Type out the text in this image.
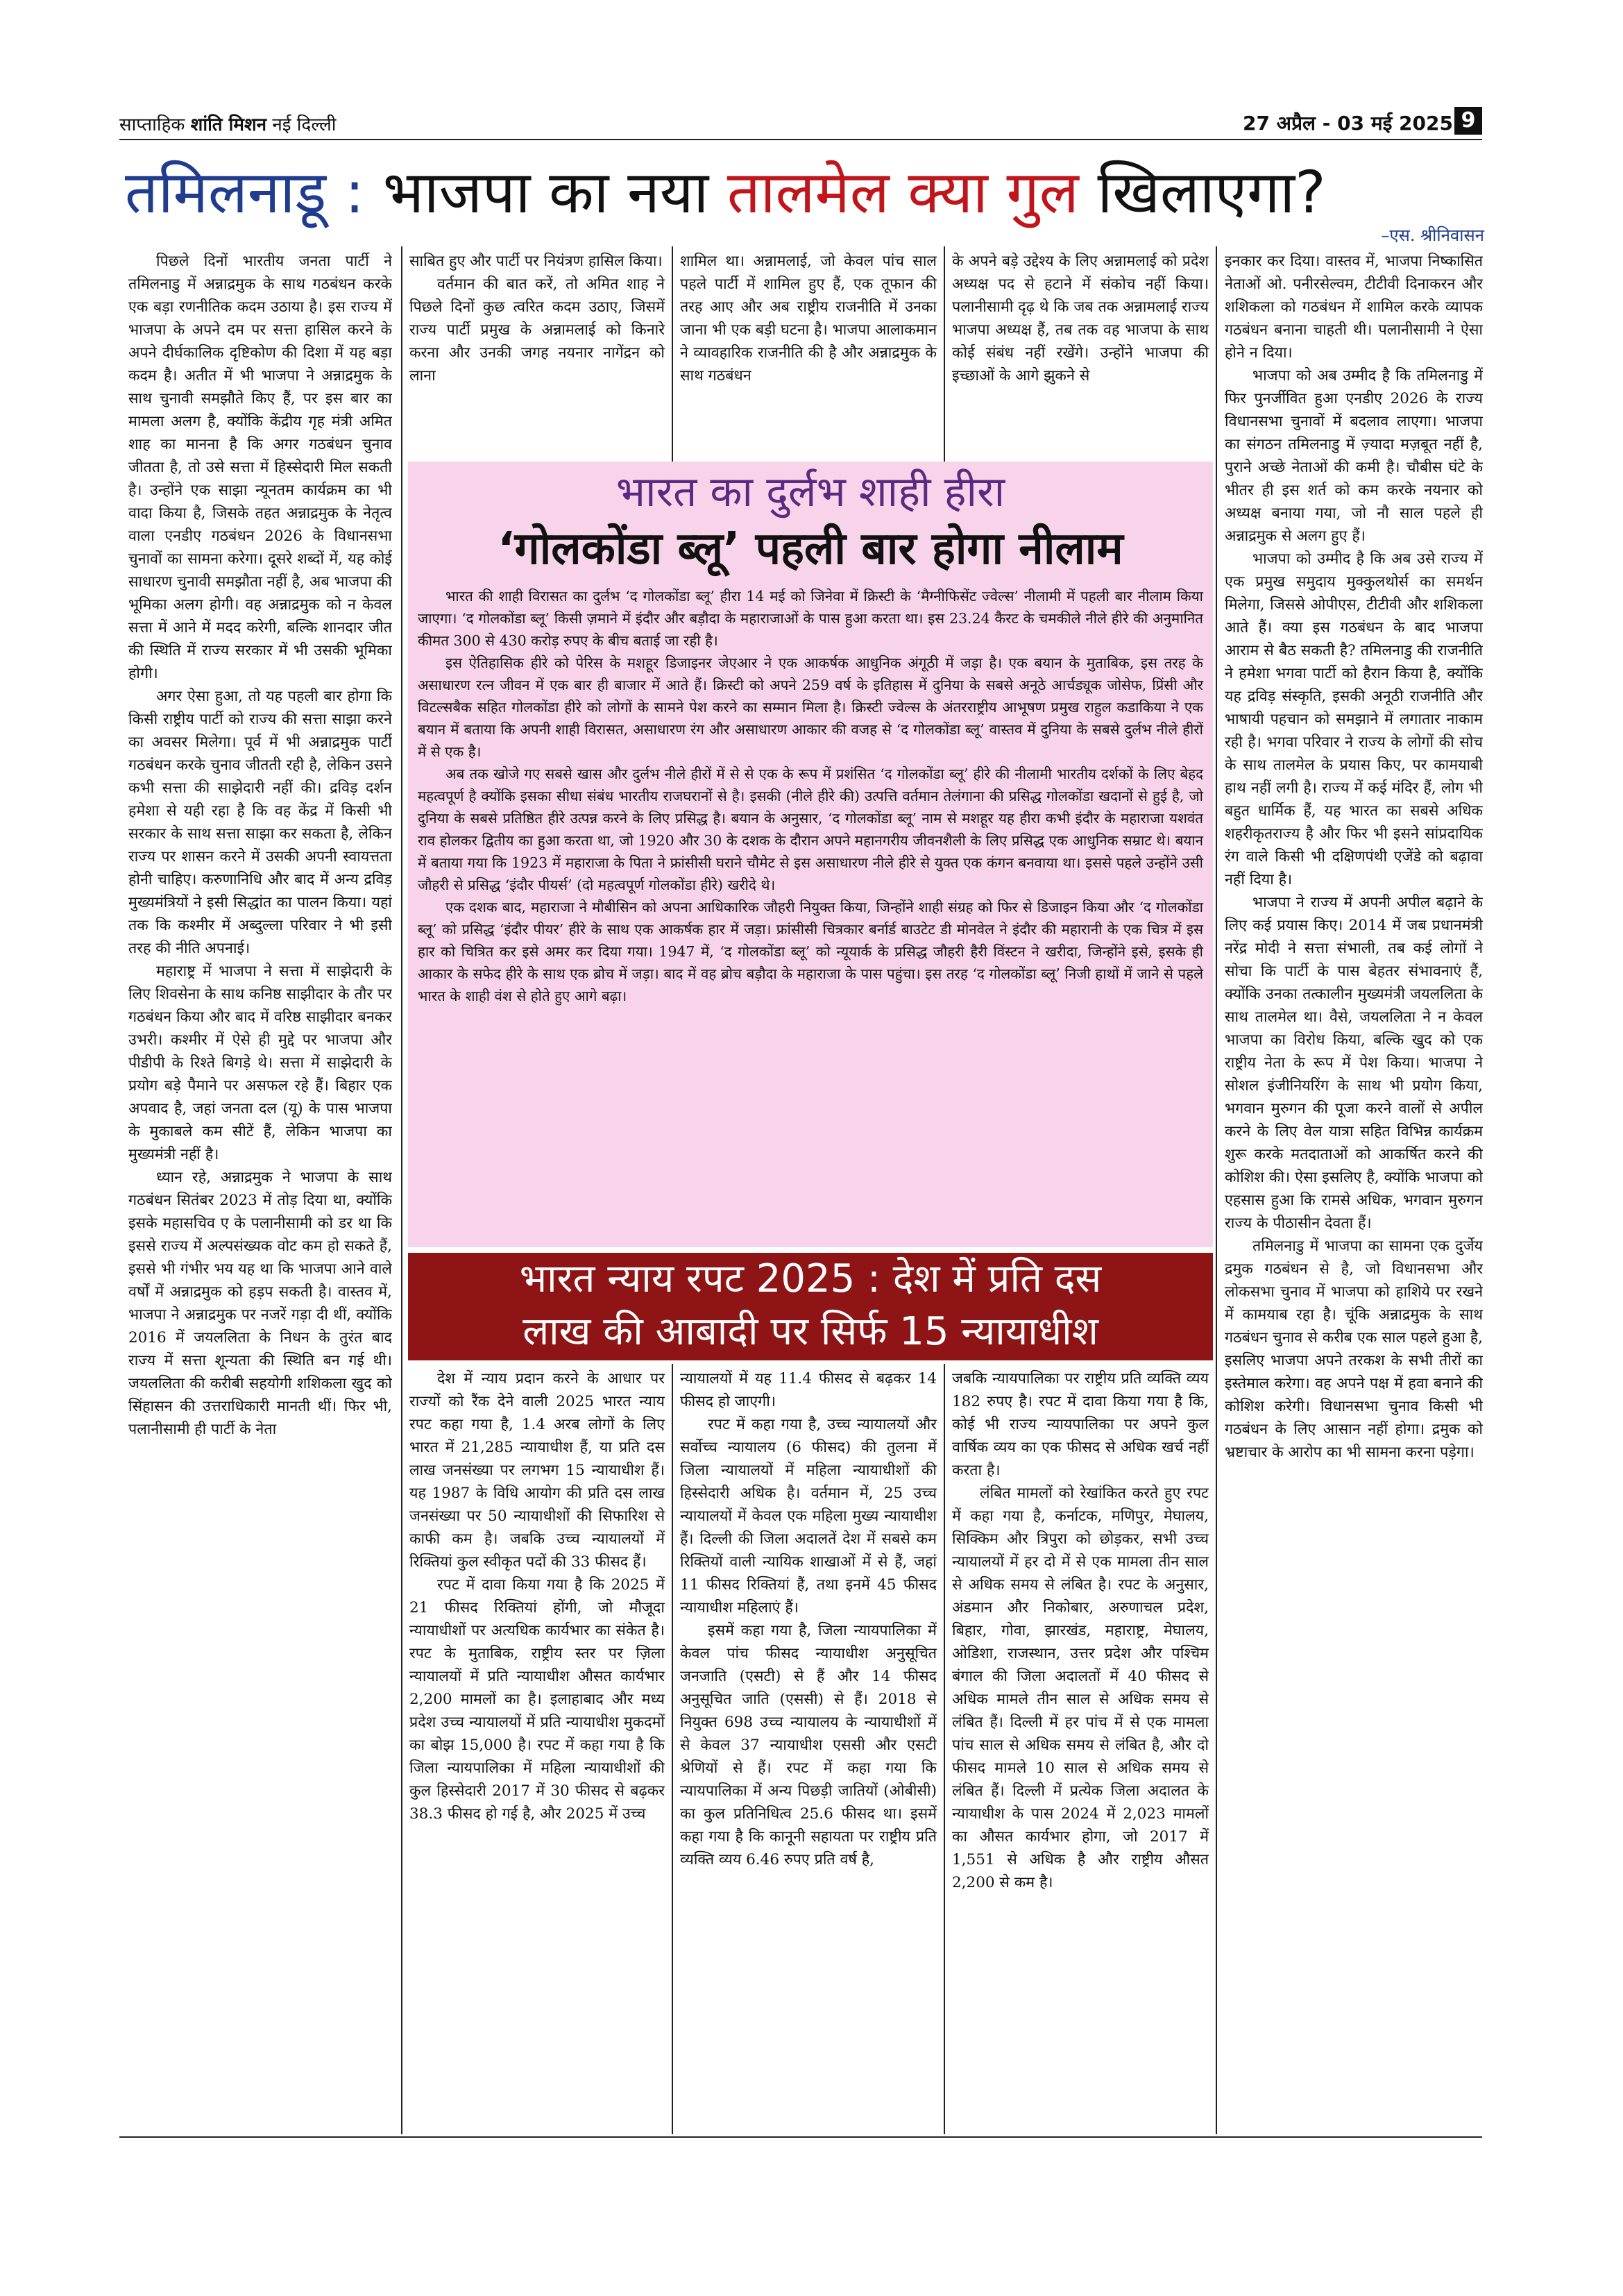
साप्ताहिक शांति मिशन नई दिल्ली	27 अप्रैल - 03 मई 2025 9
तमिलनाडू : भाजपा का नया तालमेल क्या गुल खिलाएगा?
–एस. श्रीनिवासन

पिछले दिनों भारतीय जनता पार्टी ने तमिलनाडु में अन्नाद्रमुक के साथ गठबंधन करके एक बड़ा रणनीतिक कदम उठाया है। इस राज्य में भाजपा के अपने दम पर सत्ता हासिल करने के अपने दीर्घकालिक दृष्टिकोण की दिशा में यह बड़ा कदम है। अतीत में भी भाजपा ने अन्नाद्रमुक के साथ चुनावी समझौते किए हैं, पर इस बार का मामला अलग है, क्योंकि केंद्रीय गृह मंत्री अमित शाह का मानना है कि अगर गठबंधन चुनाव जीतता है, तो उसे सत्ता में हिस्सेदारी मिल सकती है। उन्होंने एक साझा न्यूनतम कार्यक्रम का भी वादा किया है, जिसके तहत अन्नाद्रमुक के नेतृत्व वाला एनडीए गठबंधन 2026 के विधानसभा चुनावों का सामना करेगा। दूसरे शब्दों में, यह कोई साधारण चुनावी समझौता नहीं है, अब भाजपा की भूमिका अलग होगी। वह अन्नाद्रमुक को न केवल सत्ता में आने में मदद करेगी, बल्कि शानदार जीत की स्थिति में राज्य सरकार में भी उसकी भूमिका होगी।

अगर ऐसा हुआ, तो यह पहली बार होगा कि किसी राष्ट्रीय पार्टी को राज्य की सत्ता साझा करने का अवसर मिलेगा। पूर्व में भी अन्नाद्रमुक पार्टी गठबंधन करके चुनाव जीतती रही है, लेकिन उसने कभी सत्ता की साझेदारी नहीं की। द्रविड़ दर्शन हमेशा से यही रहा है कि वह केंद्र में किसी भी सरकार के साथ सत्ता साझा कर सकता है, लेकिन राज्य पर शासन करने में उसकी अपनी स्वायत्तता होनी चाहिए। करुणानिधि और बाद में अन्य द्रविड़ मुख्यमंत्रियों ने इसी सिद्धांत का पालन किया। यहां तक कि कश्मीर में अब्दुल्ला परिवार ने भी इसी तरह की नीति अपनाई।

महाराष्ट्र में भाजपा ने सत्ता में साझेदारी के लिए शिवसेना के साथ कनिष्ठ साझीदार के तौर पर गठबंधन किया और बाद में वरिष्ठ साझीदार बनकर उभरी। कश्मीर में ऐसे ही मुद्दे पर भाजपा और पीडीपी के रिश्ते बिगड़े थे। सत्ता में साझेदारी के प्रयोग बड़े पैमाने पर असफल रहे हैं। बिहार एक अपवाद है, जहां जनता दल (यू) के पास भाजपा के मुकाबले कम सीटें हैं, लेकिन भाजपा का मुख्यमंत्री नहीं है।

ध्यान रहे, अन्नाद्रमुक ने भाजपा के साथ गठबंधन सितंबर 2023 में तोड़ दिया था, क्योंकि इसके महासचिव ए के पलानीसामी को डर था कि इससे राज्य में अल्पसंख्यक वोट कम हो सकते हैं, इससे भी गंभीर भय यह था कि भाजपा आने वाले वर्षों में अन्नाद्रमुक को हड़प सकती है। वास्तव में, भाजपा ने अन्नाद्रमुक पर नजरें गड़ा दी थीं, क्योंकि 2016 में जयललिता के निधन के तुरंत बाद राज्य में सत्ता शून्यता की स्थिति बन गई थी। जयललिता की करीबी सहयोगी शशिकला खुद को सिंहासन की उत्तराधिकारी मानती थीं। फिर भी, पलानीसामी ही पार्टी के नेता

साबित हुए और पार्टी पर नियंत्रण हासिल किया।

वर्तमान की बात करें, तो अमित शाह ने पिछले दिनों कुछ त्वरित कदम उठाए, जिसमें राज्य पार्टी प्रमुख के अन्नामलाई को किनारे करना और उनकी जगह नयनार नागेंद्रन को लाना

शामिल था। अन्नामलाई, जो केवल पांच साल पहले पार्टी में शामिल हुए हैं, एक तूफान की तरह आए और अब राष्ट्रीय राजनीति में उनका जाना भी एक बड़ी घटना है। भाजपा आलाकमान ने व्यावहारिक राजनीति की है और अन्नाद्रमुक के साथ गठबंधन

के अपने बड़े उद्देश्य के लिए अन्नामलाई को प्रदेश अध्यक्ष पद से हटाने में संकोच नहीं किया। पलानीसामी दृढ़ थे कि जब तक अन्नामलाई राज्य भाजपा अध्यक्ष हैं, तब तक वह भाजपा के साथ कोई संबंध नहीं रखेंगे। उन्होंने भाजपा की इच्छाओं के आगे झुकने से

इनकार कर दिया। वास्तव में, भाजपा निष्कासित नेताओं ओ. पनीरसेल्वम, टीटीवी दिनाकरन और शशिकला को गठबंधन में शामिल करके व्यापक गठबंधन बनाना चाहती थी। पलानीसामी ने ऐसा होने न दिया।

भाजपा को अब उम्मीद है कि तमिलनाडु में फिर पुनर्जीवित हुआ एनडीए 2026 के राज्य विधानसभा चुनावों में बदलाव लाएगा। भाजपा का संगठन तमिलनाडु में ज़्यादा मज़बूत नहीं है, पुराने अच्छे नेताओं की कमी है। चौबीस घंटे के भीतर ही इस शर्त को कम करके नयनार को अध्यक्ष बनाया गया, जो नौ साल पहले ही अन्नाद्रमुक से अलग हुए हैं।

भाजपा को उम्मीद है कि अब उसे राज्य में एक प्रमुख समुदाय मुक्कुलथोर्स का समर्थन मिलेगा, जिससे ओपीएस, टीटीवी और शशिकला आते हैं। क्या इस गठबंधन के बाद भाजपा आराम से बैठ सकती है? तमिलनाडु की राजनीति ने हमेशा भगवा पार्टी को हैरान किया है, क्योंकि यह द्रविड़ संस्कृति, इसकी अनूठी राजनीति और भाषायी पहचान को समझाने में लगातार नाकाम रही है। भगवा परिवार ने राज्य के लोगों की सोच के साथ तालमेल के प्रयास किए, पर कामयाबी हाथ नहीं लगी है। राज्य में कई मंदिर हैं, लोग भी बहुत धार्मिक हैं, यह भारत का सबसे अधिक शहरीकृतराज्य है और फिर भी इसने सांप्रदायिक रंग वाले किसी भी दक्षिणपंथी एजेंडे को बढ़ावा नहीं दिया है।

भाजपा ने राज्य में अपनी अपील बढ़ाने के लिए कई प्रयास किए। 2014 में जब प्रधानमंत्री नरेंद्र मोदी ने सत्ता संभाली, तब कई लोगों ने सोचा कि पार्टी के पास बेहतर संभावनाएं हैं, क्योंकि उनका तत्कालीन मुख्यमंत्री जयललिता के साथ तालमेल था। वैसे, जयललिता ने न केवल भाजपा का विरोध किया, बल्कि खुद को एक राष्ट्रीय नेता के रूप में पेश किया। भाजपा ने सोशल इंजीनियरिंग के साथ भी प्रयोग किया, भगवान मुरुगन की पूजा करने वालों से अपील करने के लिए वेल यात्रा सहित विभिन्न कार्यक्रम शुरू करके मतदाताओं को आकर्षित करने की कोशिश की। ऐसा इसलिए है, क्योंकि भाजपा को एहसास हुआ कि रामसे अधिक, भगवान मुरुगन राज्य के पीठासीन देवता हैं।

तमिलनाडु में भाजपा का सामना एक दुर्जेय द्रमुक गठबंधन से है, जो विधानसभा और लोकसभा चुनाव में भाजपा को हाशिये पर रखने में कामयाब रहा है। चूंकि अन्नाद्रमुक के साथ गठबंधन चुनाव से करीब एक साल पहले हुआ है, इसलिए भाजपा अपने तरकश के सभी तीरों का इस्तेमाल करेगा। वह अपने पक्ष में हवा बनाने की कोशिश करेगी। विधानसभा चुनाव किसी भी गठबंधन के लिए आसान नहीं होगा। द्रमुक को भ्रष्टाचार के आरोप का भी सामना करना पड़ेगा।

भारत का दुर्लभ शाही हीरा
‘गोलकोंडा ब्लू’ पहली बार होगा नीलाम

भारत की शाही विरासत का दुर्लभ ‘द गोलकोंडा ब्लू’ हीरा 14 मई को जिनेवा में क्रिस्टी के ‘मैग्नीफिसेंट ज्वेल्स’ नीलामी में पहली बार नीलाम किया जाएगा। ‘द गोलकोंडा ब्लू’ किसी ज़माने में इंदौर और बड़ौदा के महाराजाओं के पास हुआ करता था। इस 23.24 कैरट के चमकीले नीले हीरे की अनुमानित कीमत 300 से 430 करोड़ रुपए के बीच बताई जा रही है।

इस ऐतिहासिक हीरे को पेरिस के मशहूर डिजाइनर जेएआर ने एक आकर्षक आधुनिक अंगूठी में जड़ा है। एक बयान के मुताबिक, इस तरह के असाधारण रत्न जीवन में एक बार ही बाजार में आते हैं। क्रिस्टी को अपने 259 वर्ष के इतिहास में दुनिया के सबसे अनूठे आर्चड्यूक जोसेफ, प्रिंसी और विटल्सबैक सहित गोलकोंडा हीरे को लोगों के सामने पेश करने का सम्मान मिला है। क्रिस्टी ज्वेल्स के अंतरराष्ट्रीय आभूषण प्रमुख राहुल कडाकिया ने एक बयान में बताया कि अपनी शाही विरासत, असाधारण रंग और असाधारण आकार की वजह से ‘द गोलकोंडा ब्लू’ वास्तव में दुनिया के सबसे दुर्लभ नीले हीरों में से एक है।

अब तक खोजे गए सबसे खास और दुर्लभ नीले हीरों में से से एक के रूप में प्रशंसित ‘द गोलकोंडा ब्लू’ हीरे की नीलामी भारतीय दर्शकों के लिए बेहद महत्वपूर्ण है क्योंकि इसका सीधा संबंध भारतीय राजघरानों से है। इसकी (नीले हीरे की) उत्पत्ति वर्तमान तेलंगाना की प्रसिद्ध गोलकोंडा खदानों से हुई है, जो दुनिया के सबसे प्रतिष्ठित हीरे उत्पन्न करने के लिए प्रसिद्ध है। बयान के अनुसार, ‘द गोलकोंडा ब्लू’ नाम से मशहूर यह हीरा कभी इंदौर के महाराजा यशवंत राव होलकर द्वितीय का हुआ करता था, जो 1920 और 30 के दशक के दौरान अपने महानगरीय जीवनशैली के लिए प्रसिद्ध एक आधुनिक सम्राट थे। बयान में बताया गया कि 1923 में महाराजा के पिता ने फ्रांसीसी घराने चौमेट से इस असाधारण नीले हीरे से युक्त एक कंगन बनवाया था। इससे पहले उन्होंने उसी जौहरी से प्रसिद्ध ‘इंदौर पीयर्स’ (दो महत्वपूर्ण गोलकोंडा हीरे) खरीदे थे।

एक दशक बाद, महाराजा ने मौबीसिन को अपना आधिकारिक जौहरी नियुक्त किया, जिन्होंने शाही संग्रह को फिर से डिजाइन किया और ‘द गोलकोंडा ब्लू’ को प्रसिद्ध ‘इंदौर पीयर’ हीरे के साथ एक आकर्षक हार में जड़ा। फ्रांसीसी चित्रकार बर्नार्ड बाउटेट डी मोनवेल ने इंदौर की महारानी के एक चित्र में इस हार को चित्रित कर इसे अमर कर दिया गया। 1947 में, ‘द गोलकोंडा ब्लू’ को न्यूयार्क के प्रसिद्ध जौहरी हैरी विंस्टन ने खरीदा, जिन्होंने इसे, इसके ही आकार के सफेद हीरे के साथ एक ब्रोच में जड़ा। बाद में वह ब्रोच बड़ौदा के महाराजा के पास पहुंचा। इस तरह ‘द गोलकोंडा ब्लू’ निजी हाथों में जाने से पहले भारत के शाही वंश से होते हुए आगे बढ़ा।

भारत न्याय रपट 2025 : देश में प्रति दस
लाख की आबादी पर सिर्फ 15 न्यायाधीश

देश में न्याय प्रदान करने के आधार पर राज्यों को रैंक देने वाली 2025 भारत न्याय रपट कहा गया है, 1.4 अरब लोगों के लिए भारत में 21,285 न्यायाधीश हैं, या प्रति दस लाख जनसंख्या पर लगभग 15 न्यायाधीश हैं। यह 1987 के विधि आयोग की प्रति दस लाख जनसंख्या पर 50 न्यायाधीशों की सिफारिश से काफी कम है। जबकि उच्च न्यायालयों में रिक्तियां कुल स्वीकृत पदों की 33 फीसद हैं।

रपट में दावा किया गया है कि 2025 में 21 फीसद रिक्तियां होंगी, जो मौजूदा न्यायाधीशों पर अत्यधिक कार्यभार का संकेत है। रपट के मुताबिक, राष्ट्रीय स्तर पर ज़िला न्यायालयों में प्रति न्यायाधीश औसत कार्यभार 2,200 मामलों का है। इलाहाबाद और मध्य प्रदेश उच्च न्यायालयों में प्रति न्यायाधीश मुकदमों का बोझ 15,000 है। रपट में कहा गया है कि जिला न्यायपालिका में महिला न्यायाधीशों की कुल हिस्सेदारी 2017 में 30 फीसद से बढ़कर 38.3 फीसद हो गई है, और 2025 में उच्च

न्यायालयों में यह 11.4 फीसद से बढ़कर 14 फीसद हो जाएगी।

रपट में कहा गया है, उच्च न्यायालयों और सर्वोच्च न्यायालय (6 फीसद) की तुलना में जिला न्यायालयों में महिला न्यायाधीशों की हिस्सेदारी अधिक है। वर्तमान में, 25 उच्च न्यायालयों में केवल एक महिला मुख्य न्यायाधीश हैं। दिल्ली की जिला अदालतें देश में सबसे कम रिक्तियों वाली न्यायिक शाखाओं में से हैं, जहां 11 फीसद रिक्तियां हैं, तथा इनमें 45 फीसद न्यायाधीश महिलाएं हैं।

इसमें कहा गया है, जिला न्यायपालिका में केवल पांच फीसद न्यायाधीश अनुसूचित जनजाति (एसटी) से हैं और 14 फीसद अनुसूचित जाति (एससी) से हैं। 2018 से नियुक्त 698 उच्च न्यायालय के न्यायाधीशों में से केवल 37 न्यायाधीश एससी और एसटी श्रेणियों से हैं। रपट में कहा गया कि न्यायपालिका में अन्य पिछड़ी जातियों (ओबीसी) का कुल प्रतिनिधित्व 25.6 फीसद था। इसमें कहा गया है कि कानूनी सहायता पर राष्ट्रीय प्रति व्यक्ति व्यय 6.46 रुपए प्रति वर्ष है,

जबकि न्यायपालिका पर राष्ट्रीय प्रति व्यक्ति व्यय 182 रुपए है। रपट में दावा किया गया है कि, कोई भी राज्य न्यायपालिका पर अपने कुल वार्षिक व्यय का एक फीसद से अधिक खर्च नहीं करता है।

लंबित मामलों को रेखांकित करते हुए रपट में कहा गया है, कर्नाटक, मणिपुर, मेघालय, सिक्किम और त्रिपुरा को छोड़कर, सभी उच्च न्यायालयों में हर दो में से एक मामला तीन साल से अधिक समय से लंबित है। रपट के अनुसार, अंडमान और निकोबार, अरुणाचल प्रदेश, बिहार, गोवा, झारखंड, महाराष्ट्र, मेघालय, ओडिशा, राजस्थान, उत्तर प्रदेश और पश्चिम बंगाल की जिला अदालतों में 40 फीसद से अधिक मामले तीन साल से अधिक समय से लंबित हैं। दिल्ली में हर पांच में से एक मामला पांच साल से अधिक समय से लंबित है, और दो फीसद मामले 10 साल से अधिक समय से लंबित हैं। दिल्ली में प्रत्येक जिला अदालत के न्यायाधीश के पास 2024 में 2,023 मामलों का औसत कार्यभार होगा, जो 2017 में 1,551 से अधिक है और राष्ट्रीय औसत 2,200 से कम है।
